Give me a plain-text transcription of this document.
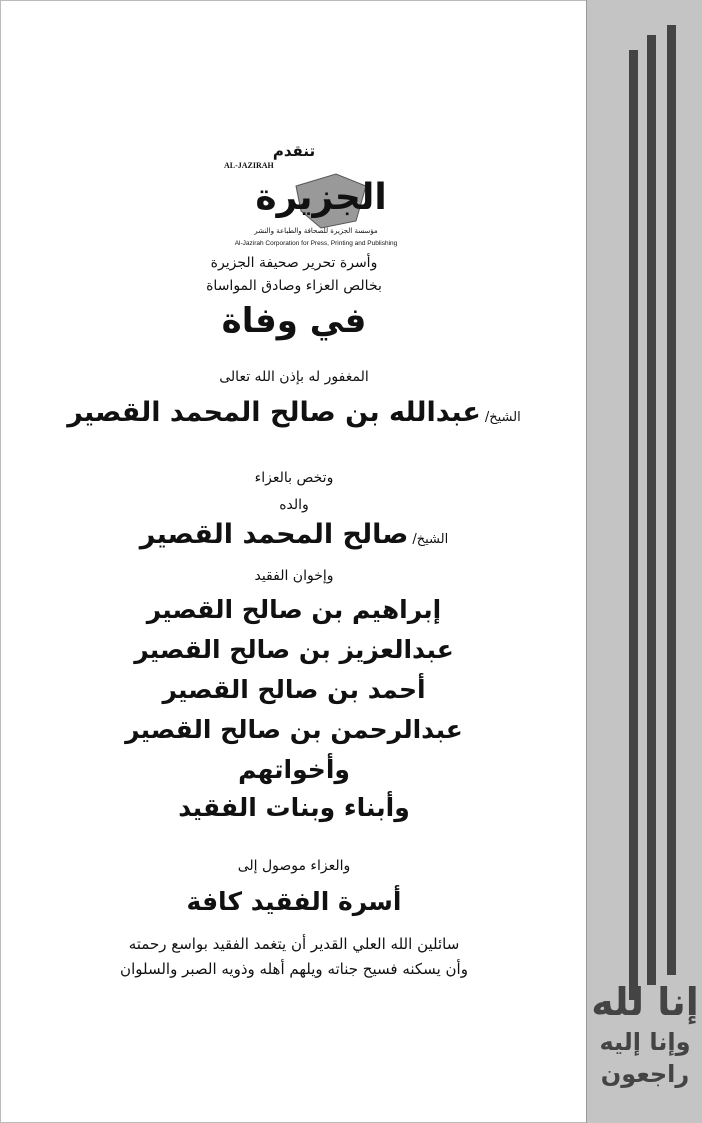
تنقدم
AL-JAZIRAH
الجزيرة
مؤسسة الجزيرة للصحافة والطباعة والنشر
Al-Jazirah Corporation for Press, Printing and Publishing
وأسرة تحرير صحيفة الجزيرة
بخالص العزاء وصادق المواساة
في وفاة
المغفور له بإذن الله تعالى
الشيخ/عبدالله بن صالح المحمد القصير
وتخص بالعزاء
والده
الشيخ/صالح المحمد القصير
وإخوان الفقيد
إبراهيم بن صالح القصير
عبدالعزيز بن صالح القصير
أحمد بن صالح القصير
عبدالرحمن بن صالح القصير
وأخواتهم
وأبناء وبنات الفقيد
والعزاء موصول إلى
أسرة الفقيد كافة
سائلين الله العلي القدير أن يتغمد الفقيد بواسع رحمته
وأن يسكنه فسيح جناته ويلهم أهله وذويه الصبر والسلوان
إنا لله
وإنا إليه
راجعون
